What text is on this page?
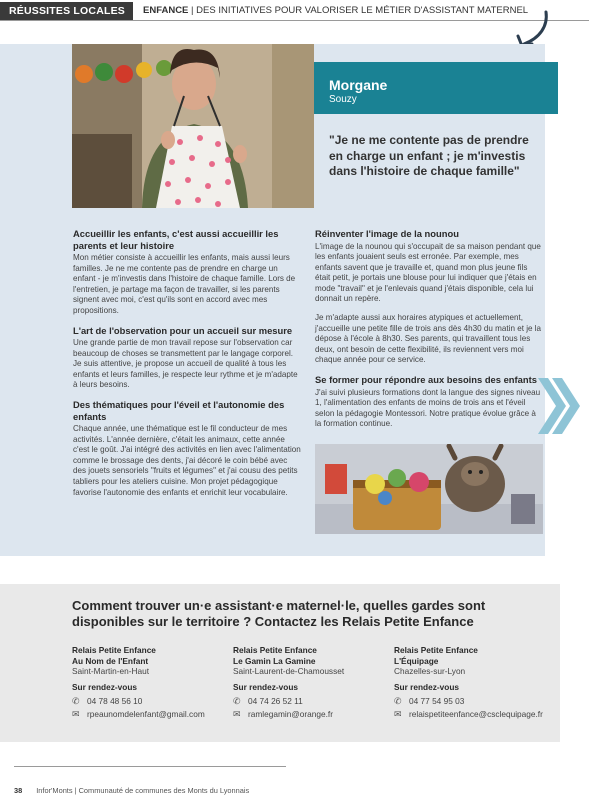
RÉUSSITES LOCALES	ENFANCE | DES INITIATIVES POUR VALORISER LE MÉTIER D'ASSISTANT MATERNEL
Morgane
Souzy
"Je ne me contente pas de prendre en charge un enfant ; je m'investis dans l'histoire de chaque famille"
Accueillir les enfants, c'est aussi accueillir les parents et leur histoire
Mon métier consiste à accueillir les enfants, mais aussi leurs familles. Je ne me contente pas de prendre en charge un enfant - je m'investis dans l'histoire de chaque famille. Lors de l'entretien, je partage ma façon de travailler, si les parents signent avec moi, c'est qu'ils sont en accord avec mes propositions.
L'art de l'observation pour un accueil sur mesure
Une grande partie de mon travail repose sur l'observation car beaucoup de choses se transmettent par le langage corporel. Je suis attentive, je propose un accueil de qualité à tous les enfants et leurs familles, je respecte leur rythme et je m'adapte à leurs besoins.
Des thématiques pour l'éveil et l'autonomie des enfants
Chaque année, une thématique est le fil conducteur de mes activités. L'année dernière, c'était les animaux, cette année c'est le goût. J'ai intégré des activités en lien avec l'alimentation comme le brossage des dents, j'ai décoré le coin bébé avec des jouets sensoriels "fruits et légumes" et j'ai cousu des petits tabliers pour les ateliers cuisine. Mon projet pédagogique favorise l'autonomie des enfants et enrichit leur vocabulaire.
Réinventer l'image de la nounou
L'image de la nounou qui s'occupait de sa maison pendant que les enfants jouaient seuls est erronée. Par exemple, mes enfants savent que je travaille et, quand mon plus jeune fils était petit, je portais une blouse pour lui indiquer que j'étais en mode "travail" et je l'enlevais quand j'étais disponible, cela lui donnait un repère.
Je m'adapte aussi aux horaires atypiques et actuellement, j'accueille une petite fille de trois ans dès 4h30 du matin et je la dépose à l'école à 8h30. Ses parents, qui travaillent tous les deux, ont besoin de cette flexibilité, ils reviennent vers moi chaque année pour ce service.
Se former pour répondre aux besoins des enfants
J'ai suivi plusieurs formations dont la langue des signes niveau 1, l'alimentation des enfants de moins de trois ans et l'éveil selon la pédagogie Montessori. Notre pratique évolue grâce à la formation continue.
Comment trouver un·e assistant·e maternel·le, quelles gardes sont disponibles sur le territoire ? Contactez les Relais Petite Enfance
Relais Petite Enfance
Au Nom de l'Enfant
Saint-Martin-en-Haut
Sur rendez-vous
✆ 04 78 48 56 10
✉ rpeaunomdelenfant@gmail.com
Relais Petite Enfance
Le Gamin La Gamine
Saint-Laurent-de-Chamousset
Sur rendez-vous
✆ 04 74 26 52 11
✉ ramlegamin@orange.fr
Relais Petite Enfance
L'Équipage
Chazelles-sur-Lyon
Sur rendez-vous
✆ 04 77 54 95 03
✉ relaispetiteenfance@csclequipage.fr
38 Infor'Monts | Communauté de communes des Monts du Lyonnais
